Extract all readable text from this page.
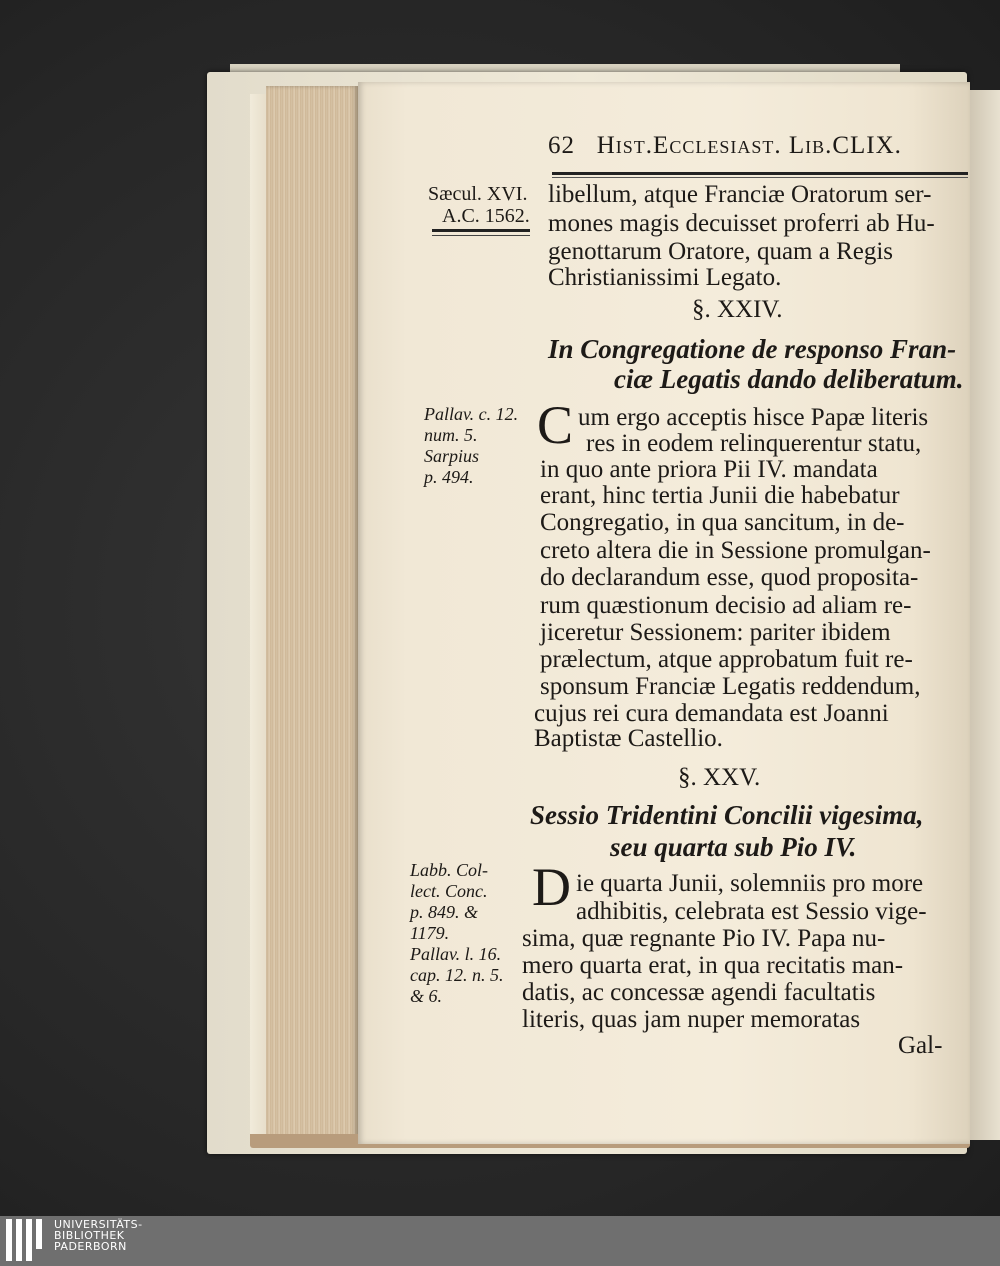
62 Hist.Ecclesiast. Lib.CLIX.
Sæcul. XVI.
A.C. 1562.
libellum, atque Franciæ Oratorum ser-
mones magis decuisset proferri ab Hu-
genottarum Oratore, quam a Regis
Christianissimi Legato.
§. XXIV.
In Congregatione de responso Fran-
ciæ Legatis dando deliberatum.
Pallav. c. 12.
num. 5.
Sarpius
p. 494.
C um ergo acceptis hisce Papæ literis
res in eodem relinquerentur statu,
in quo ante priora Pii IV. mandata
erant, hinc tertia Junii die habebatur
Congregatio, in qua sancitum, in de-
creto altera die in Sessione promulgan-
do declarandum esse, quod proposita-
rum quæstionum decisio ad aliam re-
jiceretur Sessionem: pariter ibidem
prælectum, atque approbatum fuit re-
sponsum Franciæ Legatis reddendum,
cujus rei cura demandata est Joanni
Baptistæ Castellio.
§. XXV.
Sessio Tridentini Concilii vigesima,
seu quarta sub Pio IV.
Labb. Col-
lect. Conc.
p. 849. &
1179.
Pallav. l. 16.
cap. 12. n. 5.
& 6.
D ie quarta Junii, solemniis pro more
adhibitis, celebrata est Sessio vige-
sima, quæ regnante Pio IV. Papa nu-
mero quarta erat, in qua recitatis man-
datis, ac concessæ agendi facultatis
literis, quas jam nuper memoratas
Gal-
UNIVERSITÄTS-
BIBLIOTHEK
PADERBORN
